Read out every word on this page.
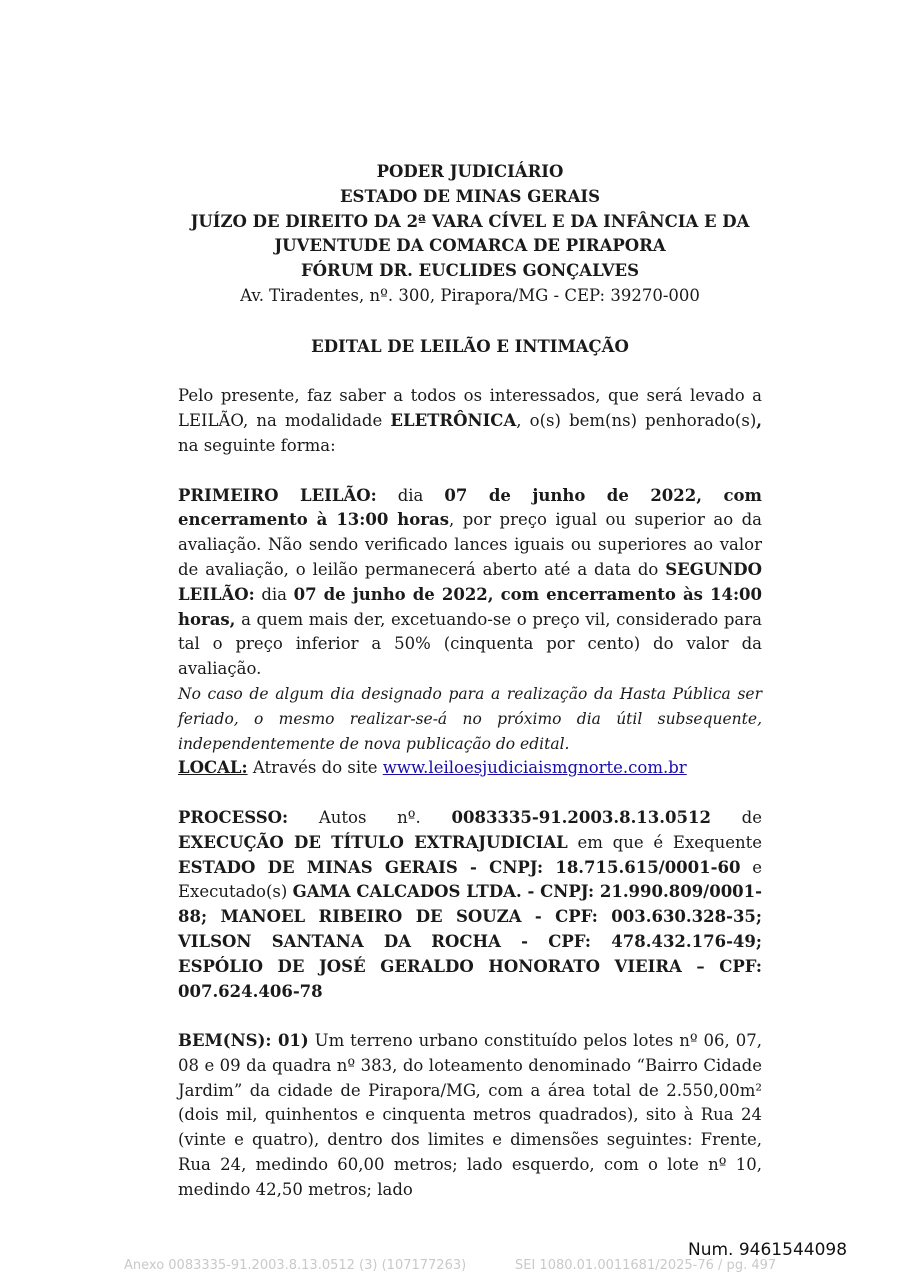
PODER JUDICIÁRIO
ESTADO DE MINAS GERAIS
JUÍZO DE DIREITO DA 2ª VARA CÍVEL E DA INFÂNCIA E DA
JUVENTUDE DA COMARCA DE PIRAPORA
FÓRUM DR. EUCLIDES GONÇALVES
Av. Tiradentes, nº. 300, Pirapora/MG - CEP: 39270-000
EDITAL DE LEILÃO E INTIMAÇÃO

Pelo presente, faz saber a todos os interessados, que será levado a LEILÃO, na modalidade ELETRÔNICA, o(s) bem(ns) penhorado(s), na seguinte forma:

PRIMEIRO LEILÃO: dia 07 de junho de 2022, com encerramento à 13:00 horas, por preço igual ou superior ao da avaliação. Não sendo verificado lances iguais ou superiores ao valor de avaliação, o leilão permanecerá aberto até a data do SEGUNDO LEILÃO: dia 07 de junho de 2022, com encerramento às 14:00 horas, a quem mais der, excetuando-se o preço vil, considerado para tal o preço inferior a 50% (cinquenta por cento) do valor da avaliação.

No caso de algum dia designado para a realização da Hasta Pública ser feriado, o mesmo realizar-se-á no próximo dia útil subsequente, independentemente de nova publicação do edital.

LOCAL: Através do site www.leiloesjudiciaismgnorte.com.br

PROCESSO: Autos nº. 0083335-91.2003.8.13.0512 de EXECUÇÃO DE TÍTULO EXTRAJUDICIAL em que é Exequente ESTADO DE MINAS GERAIS - CNPJ: 18.715.615/0001-60 e Executado(s) GAMA CALCADOS LTDA. - CNPJ: 21.990.809/0001-88; MANOEL RIBEIRO DE SOUZA - CPF: 003.630.328-35; VILSON SANTANA DA ROCHA - CPF: 478.432.176-49; ESPÓLIO DE JOSÉ GERALDO HONORATO VIEIRA – CPF: 007.624.406-78

BEM(NS): 01) Um terreno urbano constituído pelos lotes nº 06, 07, 08 e 09 da quadra nº 383, do loteamento denominado “Bairro Cidade Jardim” da cidade de Pirapora/MG, com a área total de 2.550,00m² (dois mil, quinhentos e cinquenta metros quadrados), sito à Rua 24 (vinte e quatro), dentro dos limites e dimensões seguintes: Frente, Rua 24, medindo 60,00 metros; lado esquerdo, com o lote nº 10, medindo 42,50 metros; lado

Num. 9461544098
Anexo 0083335-91.2003.8.13.0512 (3) (107177263)	SEI 1080.01.0011681/2025-76 / pg. 497
